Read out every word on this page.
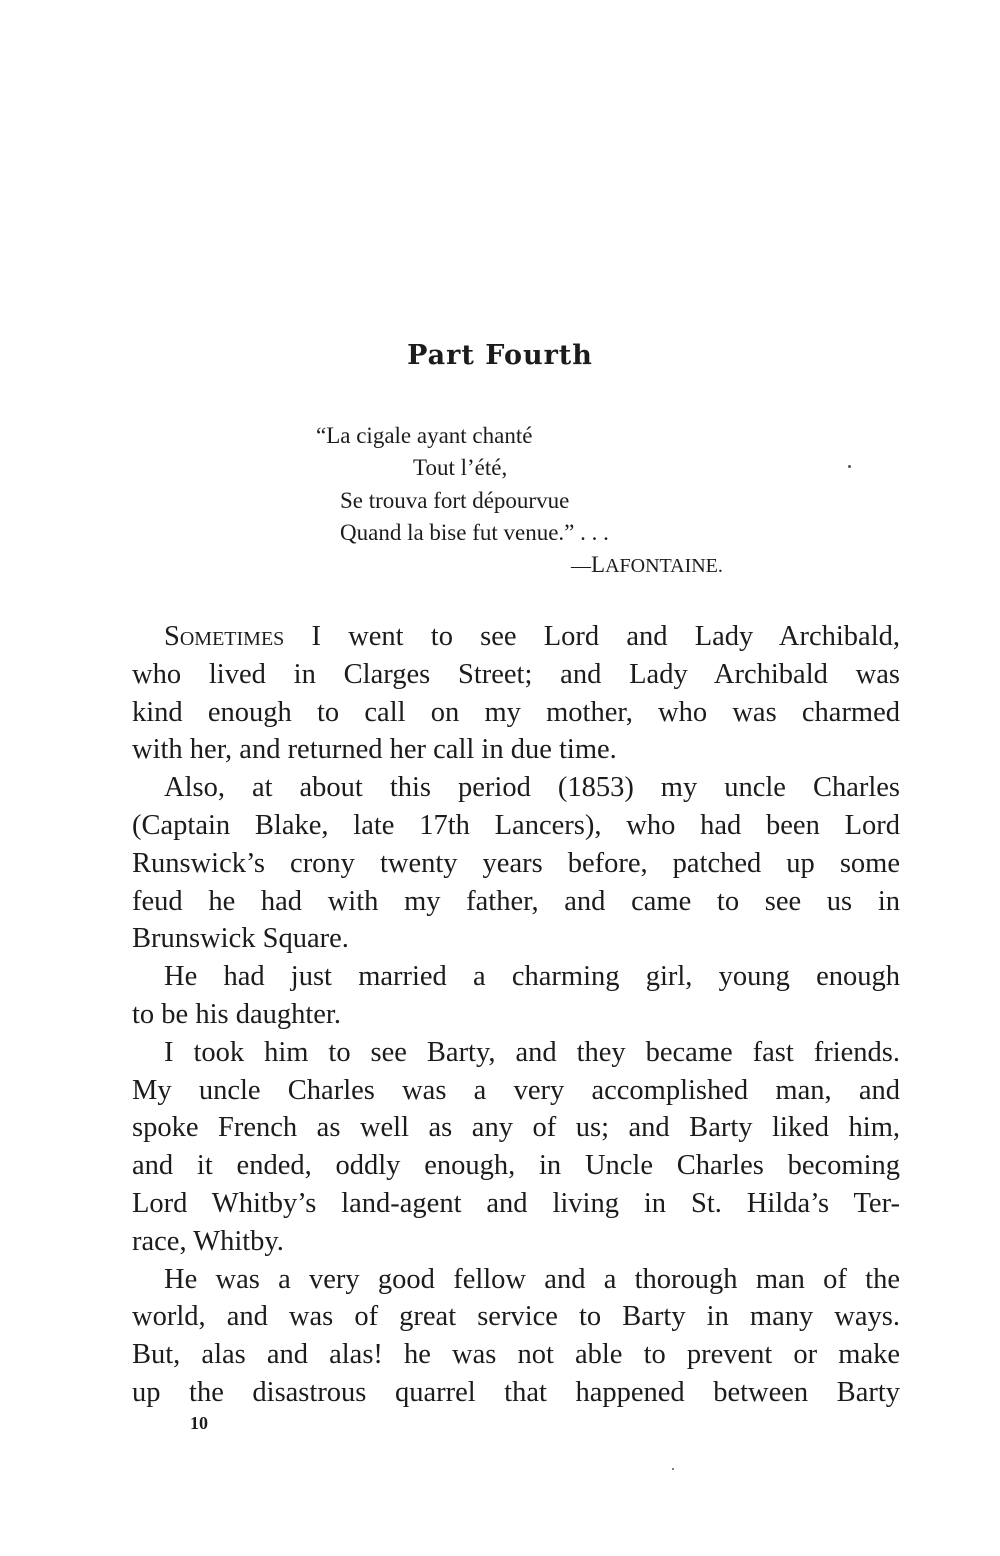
Part Fourth
“La cigale ayant chanté
Tout l’été,
Se trouva fort dépourvue
Quand la bise fut venue.” . . .
—LAFONTAINE.
Sometimes I went to see Lord and Lady Archibald,
who lived in Clarges Street; and Lady Archibald was
kind enough to call on my mother, who was charmed
with her, and returned her call in due time.
Also, at about this period (1853) my uncle Charles
(Captain Blake, late 17th Lancers), who had been Lord
Runswick’s crony twenty years before, patched up some
feud he had with my father, and came to see us in
Brunswick Square.
He had just married a charming girl, young enough
to be his daughter.
I took him to see Barty, and they became fast friends.
My uncle Charles was a very accomplished man, and
spoke French as well as any of us; and Barty liked him,
and it ended, oddly enough, in Uncle Charles becoming
Lord Whitby’s land-agent and living in St. Hilda’s Ter-
race, Whitby.
He was a very good fellow and a thorough man of the
world, and was of great service to Barty in many ways.
But, alas and alas! he was not able to prevent or make
up the disastrous quarrel that happened between Barty
10
